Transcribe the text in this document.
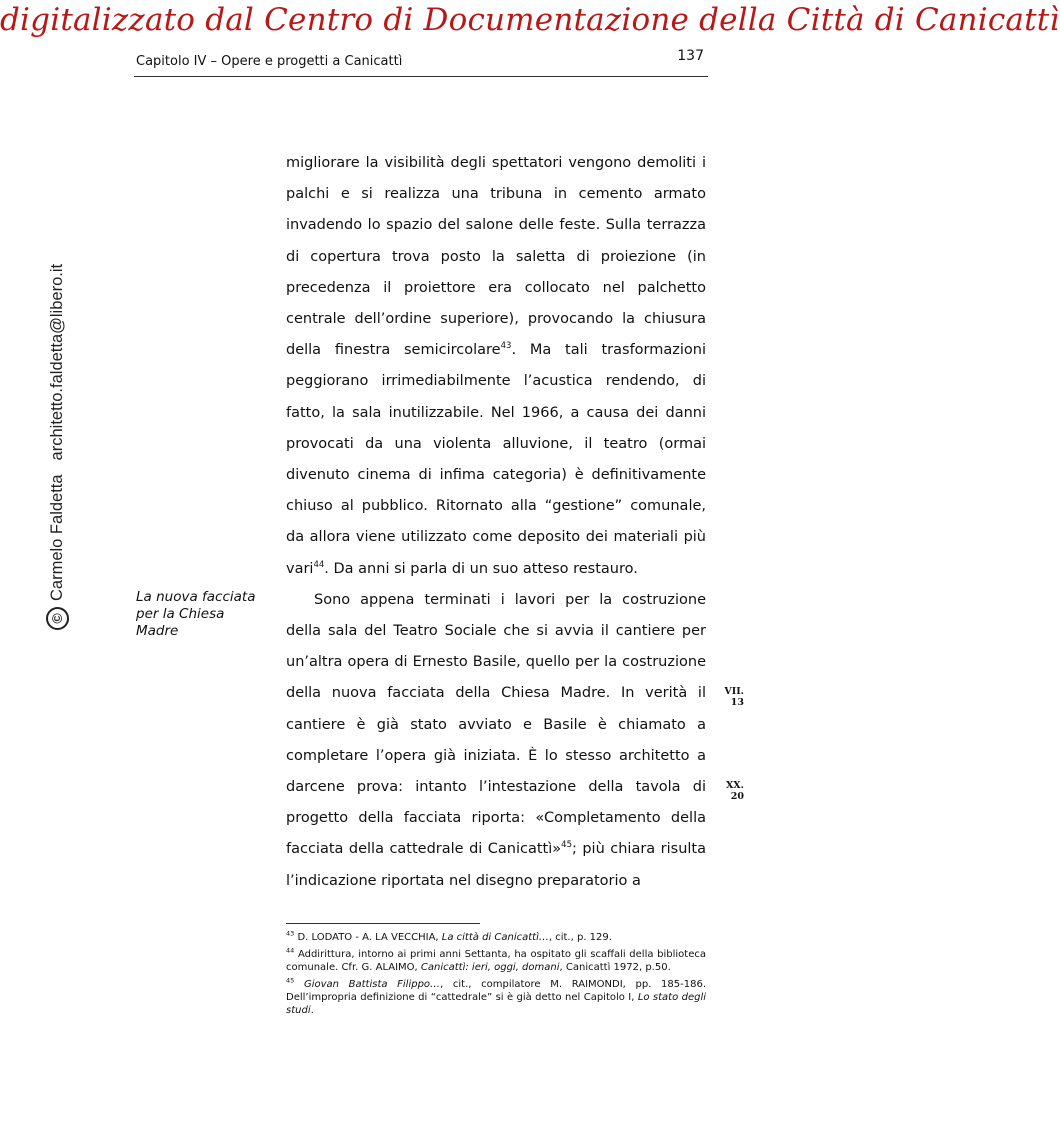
digitalizzato dal Centro di Documentazione della Città di Canicattì
Capitolo IV – Opere e progetti a Canicattì	137
©Carmelo Faldettaarchitetto.faldetta@libero.it
La nuova facciata per la Chiesa Madre

migliorare la visibilità degli spettatori vengono demoliti i palchi e si realizza una tribuna in cemento armato invadendo lo spazio del salone delle feste. Sulla terrazza di copertura trova posto la saletta di proiezione (in precedenza il proiettore era collocato nel palchetto centrale dell’ordine superiore), provocando la chiusura della finestra semicircolare$^{43}$. Ma tali trasformazioni peggiorano irrimediabilmente l’acustica rendendo, di fatto, la sala inutilizzabile. Nel 1966, a causa dei danni provocati da una violenta alluvione, il teatro (ormai divenuto cinema di infima categoria) è definitivamente chiuso al pubblico. Ritornato alla “gestione” comunale, da allora viene utilizzato come deposito dei materiali più vari$^{44}$. Da anni si parla di un suo atteso restauro.

Sono appena terminati i lavori per la costruzione della sala del Teatro Sociale che si avvia il cantiere per un’altra opera di Ernesto Basile, quello per la costruzione della nuova facciata della Chiesa Madre. In verità il cantiere è già stato avviato e Basile è chiamato a completare l’opera già iniziata. È lo stesso architetto a darcene prova: intanto l’intestazione della tavola di progetto della facciata riporta: «Completamento della facciata della cattedrale di Canicattì»$^{45}$; più chiara risulta l’indicazione riportata nel disegno preparatorio a

VII.
13
XX.
20

$^{43}$ D. LODATO - A. LA VECCHIA, La città di Canicattì…, cit., p. 129.

$^{44}$ Addirittura, intorno ai primi anni Settanta, ha ospitato gli scaffali della biblioteca comunale. Cfr. G. ALAIMO, Canicattì: ieri, oggi, domani, Canicattì 1972, p.50.

$^{45}$ Giovan Battista Filippo…, cit., compilatore M. RAIMONDI, pp. 185-186. Dell’impropria definizione di “cattedrale” si è già detto nel Capitolo I, Lo stato degli studi.
